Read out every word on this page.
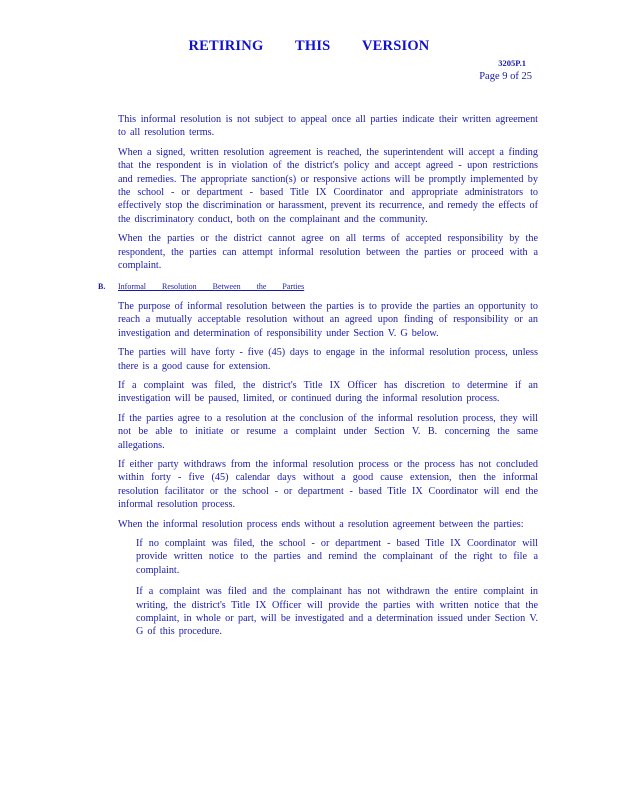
RETIRING THIS VERSION
3205P.1
Page 9 of 25

This informal resolution is not subject to appeal once all parties indicate their written agreement to all resolution terms.

When a signed, written resolution agreement is reached, the superintendent will accept a finding that the respondent is in violation of the district's policy and accept agreed - upon restrictions and remedies. The appropriate sanction(s) or responsive actions will be promptly implemented by the school - or department - based Title IX Coordinator and appropriate administrators to effectively stop the discrimination or harassment, prevent its recurrence, and remedy the effects of the discriminatory conduct, both on the complainant and the community.

When the parties or the district cannot agree on all terms of accepted responsibility by the respondent, the parties can attempt informal resolution between the parties or proceed with a complaint.

B.	Informal Resolution Between the Parties

The purpose of informal resolution between the parties is to provide the parties an opportunity to reach a mutually acceptable resolution without an agreed upon finding of responsibility or an investigation and determination of responsibility under Section V. G below.

The parties will have forty - five (45) days to engage in the informal resolution process, unless there is a good cause for extension.

If a complaint was filed, the district's Title IX Officer has discretion to determine if an investigation will be paused, limited, or continued during the informal resolution process.

If the parties agree to a resolution at the conclusion of the informal resolution process, they will not be able to initiate or resume a complaint under Section V. B. concerning the same allegations.

If either party withdraws from the informal resolution process or the process has not concluded within forty - five (45) calendar days without a good cause extension, then the informal resolution facilitator or the school - or department - based Title IX Coordinator will end the informal resolution process.

When the informal resolution process ends without a resolution agreement between the parties:

If no complaint was filed, the school - or department - based Title IX Coordinator will provide written notice to the parties and remind the complainant of the right to file a complaint.
If a complaint was filed and the complainant has not withdrawn the entire complaint in writing, the district's Title IX Officer will provide the parties with written notice that the complaint, in whole or part, will be investigated and a determination issued under Section V. G of this procedure.
